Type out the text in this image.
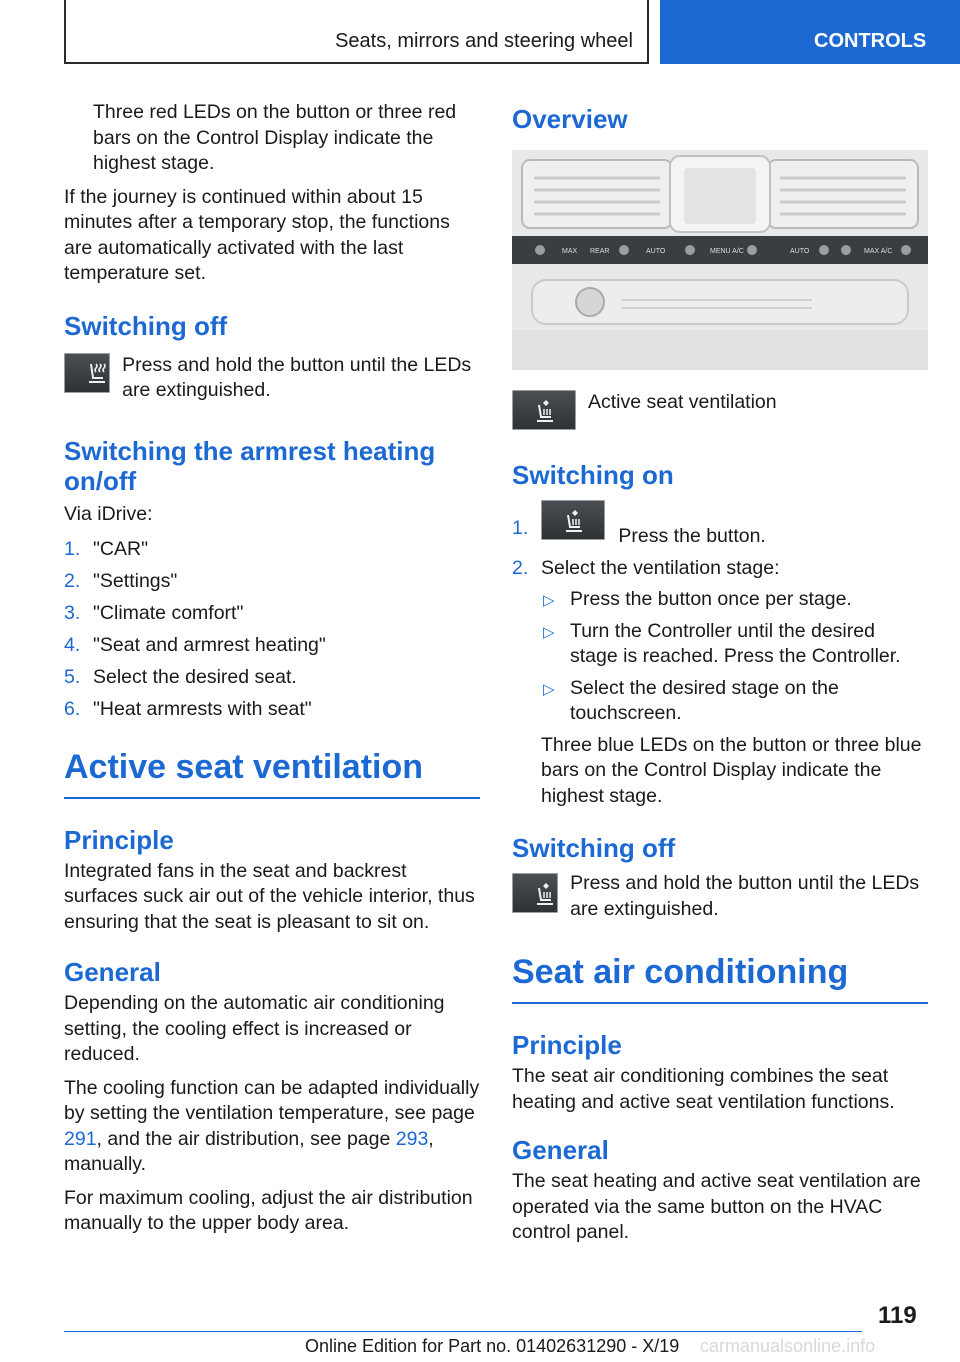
Seats, mirrors and steering wheel	CONTROLS

Three red LEDs on the button or three red bars on the Control Display indicate the highest stage.

If the journey is continued within about 15 minutes after a temporary stop, the functions are automatically activated with the last temperature set.

Switching off

Press and hold the button until the LEDs are extinguished.

Switching the armrest heating on/off

Via iDrive:

1. "CAR"
2. "Settings"
3. "Climate comfort"
4. "Seat and armrest heating"
5. Select the desired seat.
6. "Heat armrests with seat"
Active seat ventilation
Principle

Integrated fans in the seat and backrest surfaces suck air out of the vehicle interior, thus ensuring that the seat is pleasant to sit on.

General

Depending on the automatic air conditioning setting, the cooling effect is increased or reduced.

The cooling function can be adapted individually by setting the ventilation temperature, see page 291, and the air distribution, see page 293, manually.

For maximum cooling, adjust the air distribution manually to the upper body area.

Overview
MAX REAR	AUTO	MENU A/C	AUTO	MAX A/C

Active seat ventilation

Switching on
1.	Press the button.
2. Select the ventilation stage:
▷ Press the button once per stage.
▷ Turn the Controller until the desired stage is reached. Press the Controller.
▷ Select the desired stage on the touchscreen.

Three blue LEDs on the button or three blue bars on the Control Display indicate the highest stage.

Switching off

Press and hold the button until the LEDs are extinguished.

Seat air conditioning
Principle

The seat air conditioning combines the seat heating and active seat ventilation functions.

General

The seat heating and active seat ventilation are operated via the same button on the HVAC control panel.

119
Online Edition for Part no. 01402631290 - X/19 carmanualsonline.info
